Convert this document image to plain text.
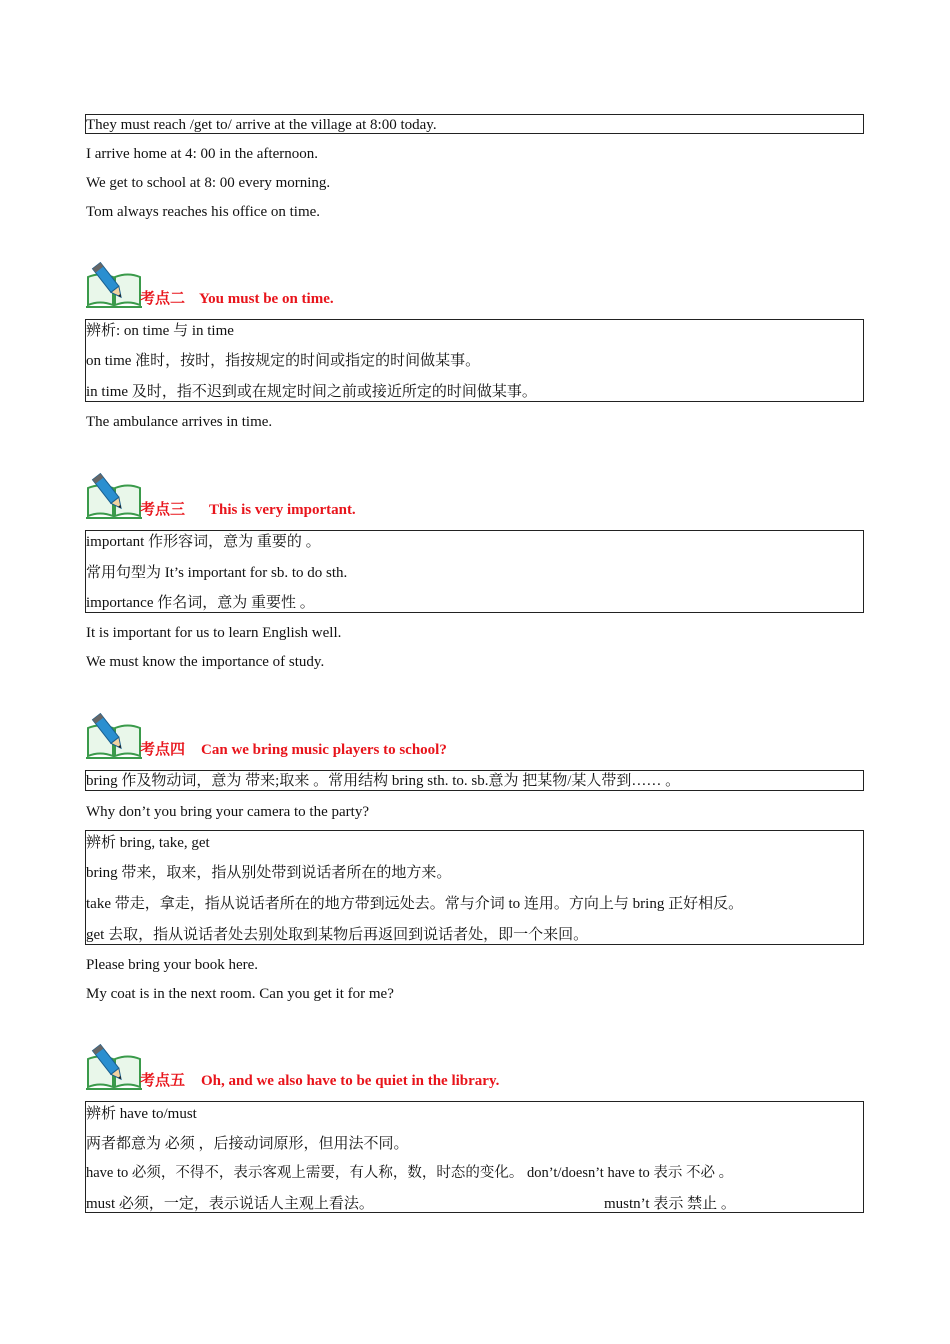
They must reach /get to/ arrive at the village at 8:00 today.
I arrive home at 4: 00 in the afternoon.
We get to school at 8: 00 every morning.
Tom always reaches his office on time.
考点二 You must be on time.
辨析: on time 与 in time
on time 准时，按时，指按规定的时间或指定的时间做某事。
in time 及时，指不迟到或在规定时间之前或接近所定的时间做某事。
The ambulance arrives in time.
考点三 This is very important.
important 作形容词，意为 重要的 。
常用句型为 It’s important for sb. to do sth.
importance 作名词，意为 重要性 。
It is important for us to learn English well.
We must know the importance of study.
考点四 Can we bring music players to school?
bring 作及物动词，意为 带来;取来 。常用结构 bring sth. to. sb.意为 把某物/某人带到…… 。
Why don’t you bring your camera to the party?
辨析 bring, take, get
bring 带来，取来，指从别处带到说话者所在的地方来。
take 带走，拿走，指从说话者所在的地方带到远处去。常与介词 to 连用。方向上与 bring 正好相反。
get 去取，指从说话者处去别处取到某物后再返回到说话者处，即一个来回。
Please bring your book here.
My coat is in the next room. Can you get it for me?
考点五 Oh, and we also have to be quiet in the library.
辨析 have to/must
两者都意为 必须 ，后接动词原形，但用法不同。
have to 必须，不得不，表示客观上需要，有人称，数，时态的变化。 don’t/doesn’t have to 表示 不必 。
must 必须，一定，表示说话人主观上看法。	mustn’t 表示 禁止 。
